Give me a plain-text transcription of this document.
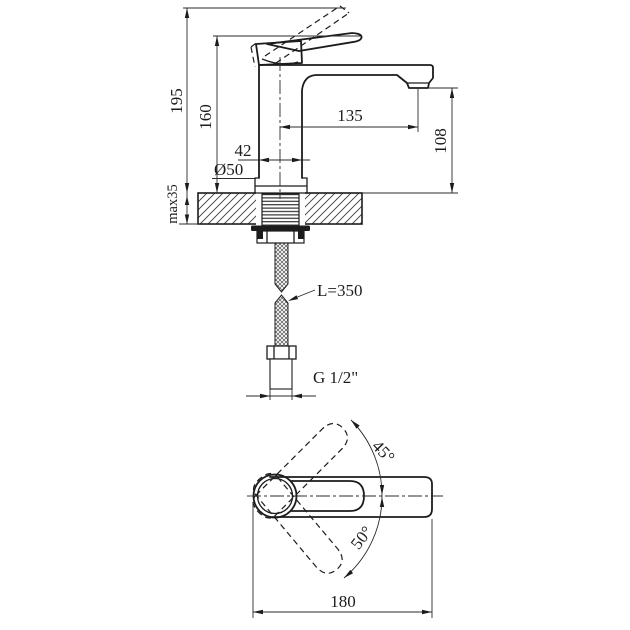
195
160
max35
135
108
42
Ø50
L=350
G 1/2"
45°
50°
180
